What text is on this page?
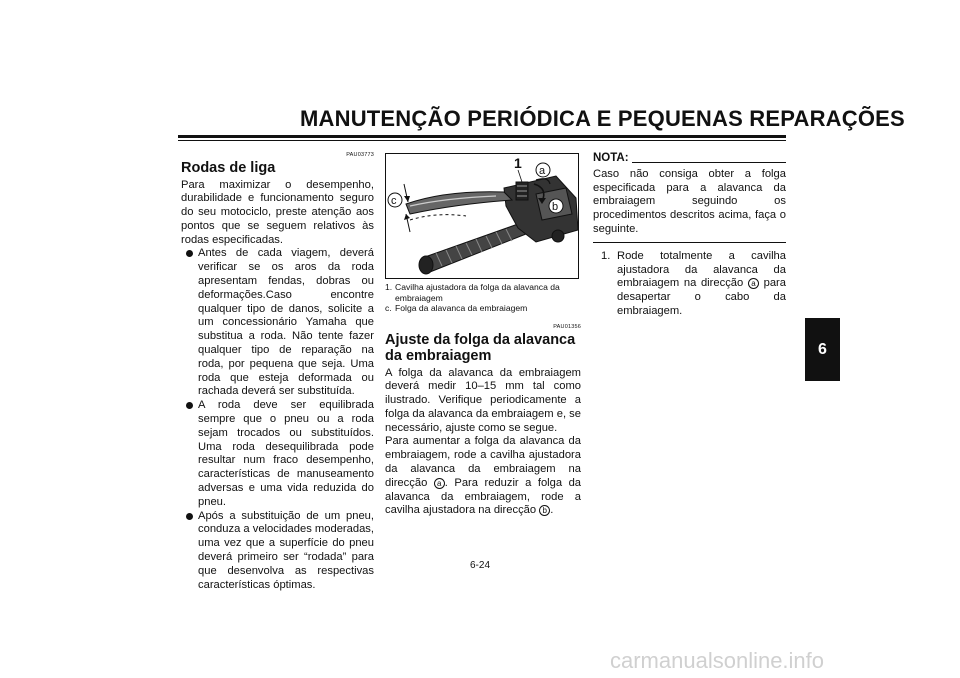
MANUTENÇÃO PERIÓDICA E PEQUENAS REPARAÇÕES
6
PAU03773
Rodas de liga

Para maximizar o desempenho, durabilidade e funcionamento seguro do seu motociclo, preste atenção aos pontos que se seguem relativos às rodas especificadas.

Antes de cada viagem, deverá verificar se os aros da roda apresentam fendas, dobras ou deformações.Caso encontre qualquer tipo de danos, solicite a um concessionário Yamaha que substitua a roda. Não tente fazer qualquer tipo de reparação na roda, por pequena que seja. Uma roda que esteja deformada ou rachada deverá ser substituída.
A roda deve ser equilibrada sempre que o pneu ou a roda sejam trocados ou substituídos. Uma roda desequilibrada pode resultar num fraco desempenho, características de manuseamento adversas e uma vida reduzida do pneu.
Após a substituição de um pneu, conduza a velocidades moderadas, uma vez que a superfície do pneu deverá primeiro ser “rodada” para que desenvolva as respectivas características óptimas.
1 a
b
c
1. Cavilha ajustadora da folga da alavanca da embraiagem
c. Folga da alavanca da embraiagem
PAU01356
Ajuste da folga da alavanca da embraiagem

A folga da alavanca da embraiagem deverá medir 10–15 mm tal como ilustrado. Verifique periodicamente a folga da alavanca da embraiagem e, se necessário, ajuste como se segue.

Para aumentar a folga da alavanca da embraiagem, rode a cavilha ajustadora da alavanca da embraiagem na direcção a . Para reduzir a folga da alavanca da embraiagem, rode a cavilha ajustadora na direcção b .

NOTA:

Caso não consiga obter a folga especificada para a alavanca da embraiagem seguindo os procedimentos descritos acima, faça o seguinte.

1. Rode totalmente a cavilha ajustadora da alavanca da embraiagem na direcção a para desapertar o cabo da embraiagem.
6-24
carmanualsonline.info
